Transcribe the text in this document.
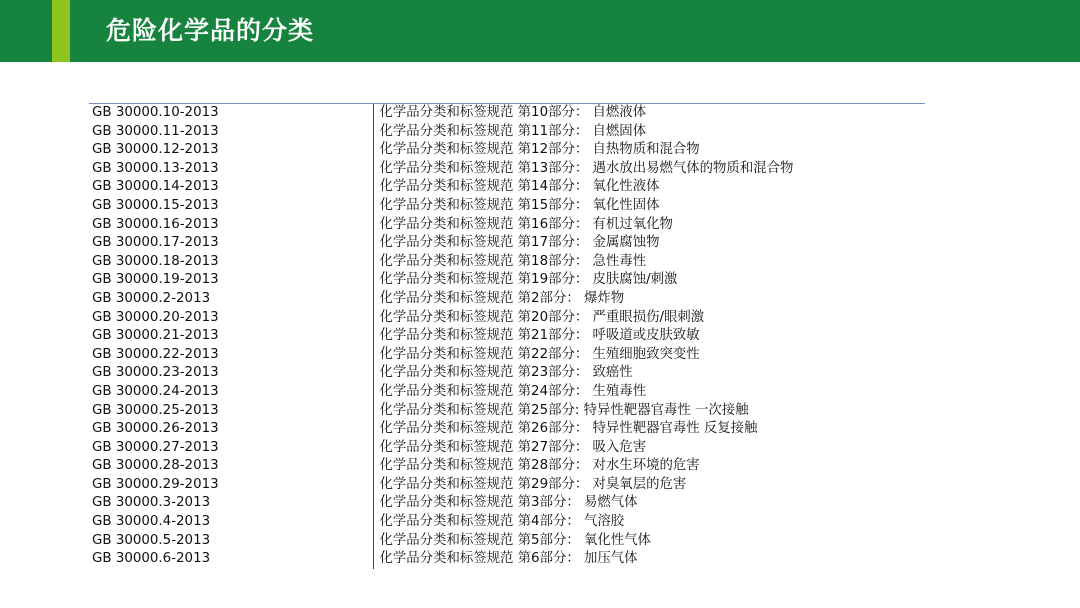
危险化学品的分类
GB 30000.10-2013	化学品分类和标签规范 第10部分： 自燃液体
GB 30000.11-2013	化学品分类和标签规范 第11部分： 自燃固体
GB 30000.12-2013	化学品分类和标签规范 第12部分： 自热物质和混合物
GB 30000.13-2013	化学品分类和标签规范 第13部分： 遇水放出易燃气体的物质和混合物
GB 30000.14-2013	化学品分类和标签规范 第14部分： 氧化性液体
GB 30000.15-2013	化学品分类和标签规范 第15部分： 氧化性固体
GB 30000.16-2013	化学品分类和标签规范 第16部分： 有机过氧化物
GB 30000.17-2013	化学品分类和标签规范 第17部分： 金属腐蚀物
GB 30000.18-2013	化学品分类和标签规范 第18部分： 急性毒性
GB 30000.19-2013	化学品分类和标签规范 第19部分： 皮肤腐蚀/刺激
GB 30000.2-2013	化学品分类和标签规范 第2部分： 爆炸物
GB 30000.20-2013	化学品分类和标签规范 第20部分： 严重眼损伤/眼刺激
GB 30000.21-2013	化学品分类和标签规范 第21部分： 呼吸道或皮肤致敏
GB 30000.22-2013	化学品分类和标签规范 第22部分： 生殖细胞致突变性
GB 30000.23-2013	化学品分类和标签规范 第23部分： 致癌性
GB 30000.24-2013	化学品分类和标签规范 第24部分： 生殖毒性
GB 30000.25-2013	化学品分类和标签规范 第25部分: 特异性靶器官毒性 一次接触
GB 30000.26-2013	化学品分类和标签规范 第26部分： 特异性靶器官毒性 反复接触
GB 30000.27-2013	化学品分类和标签规范 第27部分： 吸入危害
GB 30000.28-2013	化学品分类和标签规范 第28部分： 对水生环境的危害
GB 30000.29-2013	化学品分类和标签规范 第29部分： 对臭氧层的危害
GB 30000.3-2013	化学品分类和标签规范 第3部分： 易燃气体
GB 30000.4-2013	化学品分类和标签规范 第4部分： 气溶胶
GB 30000.5-2013	化学品分类和标签规范 第5部分： 氧化性气体
GB 30000.6-2013	化学品分类和标签规范 第6部分： 加压气体
